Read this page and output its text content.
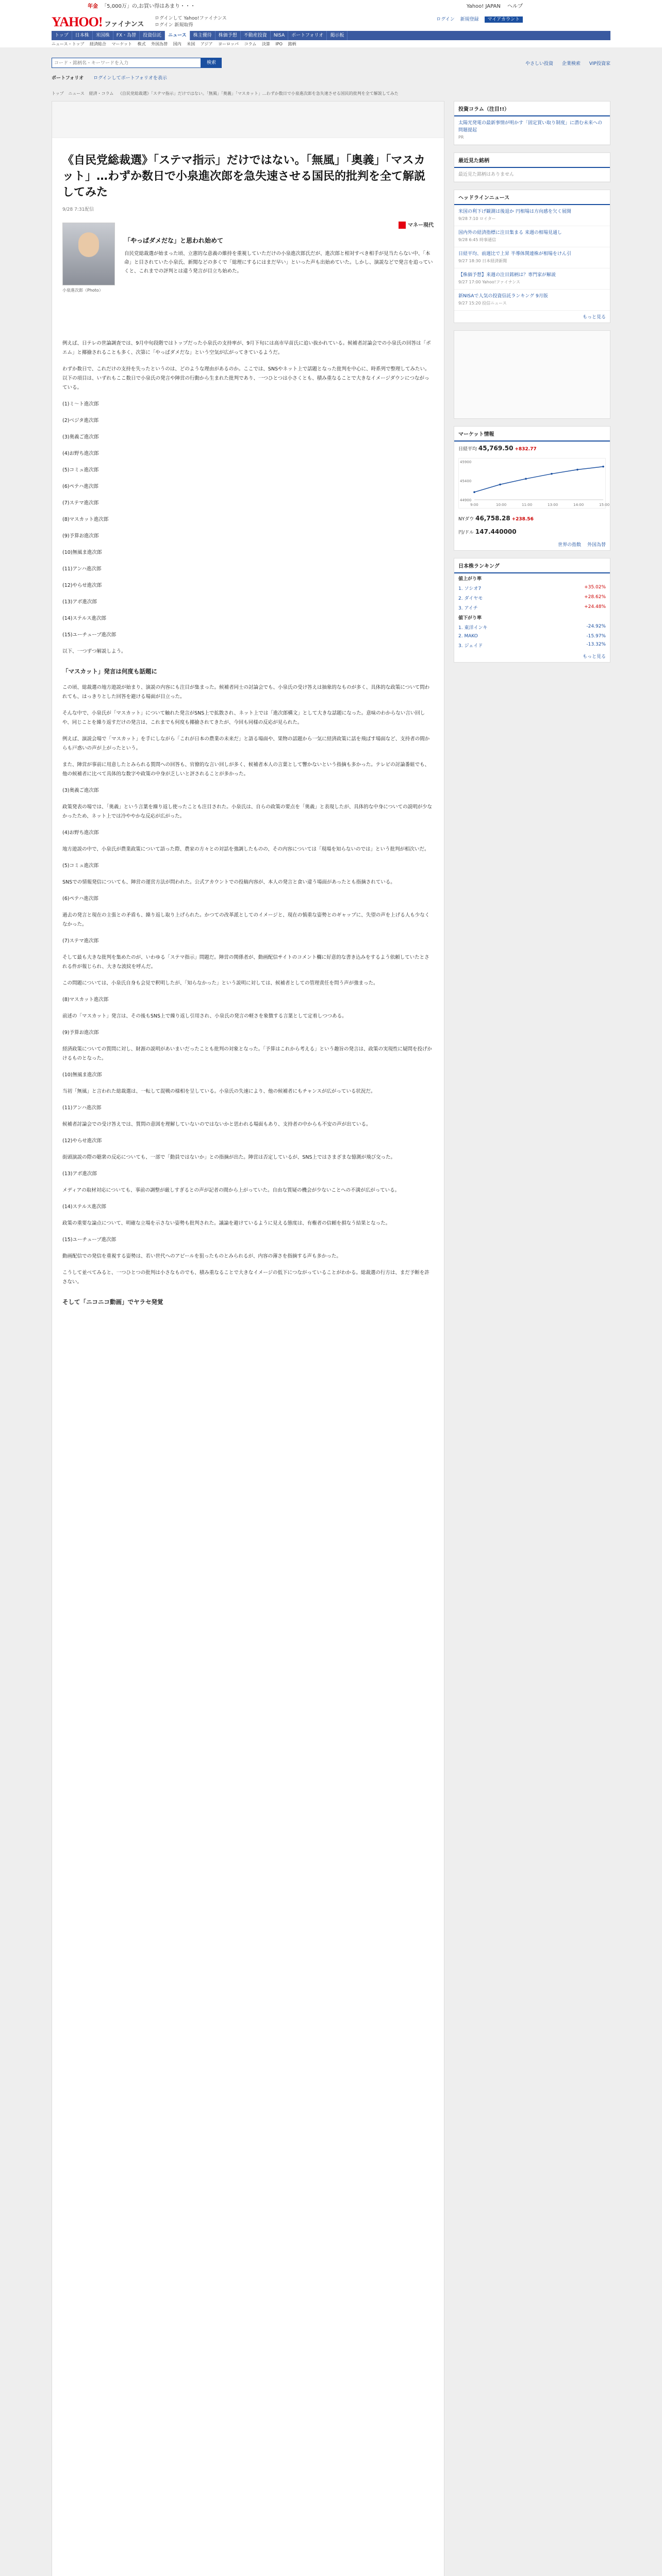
年金 「5,000万」の,お買い得はあまり・・・	Yahoo! JAPAN ヘルプ
YAHOO! ファイナンス
ログインして Yahoo!ファイナンス
ログイン 新規取得
ログイン 新規登録 マイアカウント
トップ	日本株	米国株	FX・為替	投資信託	ニュース	株主優待	株価予想	不動産投資	NISA	ポートフォリオ	掲示板
ニュース・トップ 経済総合 マーケット 株式 外国為替 国内 米国 アジア ヨーロッパ コラム 決算 IPO 銘柄
コード・銘柄名・キーワードを入力
検索	やさしい投資 企業検索 VIP投資家
ポートフォリオ ログインしてポートフォリオを表示
トップ ニュース 経済・コラム 《自民党総裁選》「ステマ指示」だけではない。「無風」「奥義」「マスカット」…わずか数日で小泉進次郎を急失速させる国民的批判を全て解説してみた
《自民党総裁選》「ステマ指示」だけではない。「無風」「奥義」「マスカット」…わずか数日で小泉進次郎を急失速させる国民的批判を全て解説してみた
9/28 7:31配信
小泉進次郎（Photo）
マネー現代
「やっぱダメだな」と思われ始めて
自民党総裁選が始まった頃、立憲的な意義の維持を重視していただけの小泉進次郎氏だが、進次郎と相対すべき相手が見当たらない中、「本命」と目されていた小泉氏、新聞などの多くで「総理にするにはまだ早い」といった声も出始めていた。しかし、演説などで発言を追っていくと、これまでの評判とは違う発言が目立ち始めた。

例えば、日テレの世論調査では、9月中旬段階ではトップだった小泉氏の支持率が、9月下旬には高市早苗氏に追い抜かれている。候補者討論会での小泉氏の回答は「ポエム」と揶揄されることも多く、次第に「やっぱダメだな」という空気が広がってきているようだ。

わずか数日で、これだけの支持を失ったというのは、どのような理由があるのか。ここでは、SNSやネット上で話題となった批判を中心に、時系列で整理してみたい。以下の項目は、いずれもここ数日で小泉氏の発言や陣営の行動から生まれた批判であり、一つひとつは小さくとも、積み重なることで大きなイメージダウンにつながっている。

(1)ミ〜ト進次郎

(2)ベジタ進次郎

(3)奥義ご進次郎

(4)お野ち進次郎

(5)コミュ進次郎

(6)ペテハ進次郎

(7)ステマ進次郎

(8)マスカット進次郎

(9)予算お進次郎

(10)無風ま進次郎

(11)アンハ進次郎

(12)やらせ進次郎

(13)アポ進次郎

(14)ステルス進次郎

(15)ユーチューブ進次郎

以下、一つずつ解説しよう。

「マスカット」発言は何度も話題に

この頃、総裁選の地方遊説が始まり、演説の内容にも注目が集まった。候補者同士の討論会でも、小泉氏の受け答えは抽象的なものが多く、具体的な政策について問われても、はっきりとした回答を避ける場面が目立った。

そんな中で、小泉氏が「マスカット」について触れた発言がSNS上で拡散され、ネット上では「進次郎構文」として大きな話題になった。意味のわからない言い回しや、同じことを繰り返すだけの発言は、これまでも何度も揶揄されてきたが、今回も同様の反応が見られた。

例えば、演説会場で「マスカット」を手にしながら「これが日本の農業の未来だ」と語る場面や、果物の話題から一気に経済政策に話を飛ばす場面など、支持者の間からも戸惑いの声が上がったという。

また、陣営が事前に用意したとみられる質問への回答も、官僚的な言い回しが多く、候補者本人の言葉として響かないという指摘も多かった。テレビの討論番組でも、他の候補者に比べて具体的な数字や政策の中身が乏しいと評されることが多かった。

(3)奥義ご進次郎

政策発表の場では、「奥義」という言葉を繰り返し使ったことも注目された。小泉氏は、自らの政策の要点を「奥義」と表現したが、具体的な中身についての説明が少なかったため、ネット上では冷ややかな反応が広がった。

(4)お野ち進次郎

地方遊説の中で、小泉氏が農業政策について語った際、農家の方々との対話を強調したものの、その内容については「現場を知らないのでは」という批判が相次いだ。

(5)コミュ進次郎

SNSでの情報発信についても、陣営の運営方法が問われた。公式アカウントでの投稿内容が、本人の発言と食い違う場面があったとも指摘されている。

(6)ペテハ進次郎

過去の発言と現在の主張との矛盾も、繰り返し取り上げられた。かつての改革派としてのイメージと、現在の慎重な姿勢とのギャップに、失望の声を上げる人も少なくなかった。

(7)ステマ進次郎

そして最も大きな批判を集めたのが、いわゆる「ステマ指示」問題だ。陣営の関係者が、動画配信サイトのコメント欄に好意的な書き込みをするよう依頼していたとされる件が報じられ、大きな波紋を呼んだ。

この問題については、小泉氏自身も会見で釈明したが、「知らなかった」という説明に対しては、候補者としての管理責任を問う声が強まった。

(8)マスカット進次郎

前述の「マスカット」発言は、その後もSNS上で繰り返し引用され、小泉氏の発言の軽さを象徴する言葉として定着しつつある。

(9)予算お進次郎

経済政策についての質問に対し、財源の説明があいまいだったことも批判の対象となった。「予算はこれから考える」という趣旨の発言は、政策の実現性に疑問を投げかけるものとなった。

(10)無風ま進次郎

当初「無風」と言われた総裁選は、一転して混戦の様相を呈している。小泉氏の失速により、他の候補者にもチャンスが広がっている状況だ。

(11)アンハ進次郎

候補者討論会での受け答えでは、質問の意図を理解していないのではないかと思われる場面もあり、支持者の中からも不安の声が出ている。

(12)やらせ進次郎

街頭演説の際の聴衆の反応についても、一部で「動員ではないか」との指摘が出た。陣営は否定しているが、SNS上ではさまざまな憶測が飛び交った。

(13)アポ進次郎

メディアの取材対応についても、事前の調整が厳しすぎるとの声が記者の間から上がっていた。自由な質疑の機会が少ないことへの不満が広がっている。

(14)ステルス進次郎

政策の重要な論点について、明確な立場を示さない姿勢も批判された。議論を避けているように見える態度は、有権者の信頼を損なう結果となった。

(15)ユーチューブ進次郎

動画配信での発信を重視する姿勢は、若い世代へのアピールを狙ったものとみられるが、内容の薄さを指摘する声も多かった。

こうして並べてみると、一つひとつの批判は小さなものでも、積み重なることで大きなイメージの低下につながっていることがわかる。総裁選の行方は、まだ予断を許さない。

そして「ニコニコ動画」でヤラセ発覚
投資コラム（注目!!）
太陽光発電の最新事情が明かす「固定買い取り制度」に潜む未来への問題提起
PR
最近見た銘柄
最近見た銘柄はありません
ヘッドラインニュース
米国の利下げ観測は後退か 円相場は方向感を欠く展開
9/28 7:10 ロイター
国内外の経済指標に注目集まる 来週の相場見通し
9/28 6:45 時事通信
日経平均、前週比で上昇 半導体関連株が相場をけん引
9/27 18:30 日本経済新聞
【株価予想】来週の注目銘柄は？専門家が解説
9/27 17:00 Yahoo!ファイナンス
新NISAで人気の投資信託ランキング 9月版
9/27 15:20 投信ニュース
もっと見る
マーケット情報
日経平均 45,769.50 +832.77
44900
45400
45900
9:00	10:00	11:00	13:00	14:00	15:00
NYダウ 46,758.28 +238.56
円/ドル 147.440000
世界の指数　 外国為替
日本株ランキング
値上がり率
1. ソシオ7	+35.02%
2. ダイヤモ	+28.62%
3. アイチ	+24.48%
値下がり率
1. 東洋インキ	-24.92%
2. MAKO	-15.97%
3. ジェイド	-13.32%
もっと見る
